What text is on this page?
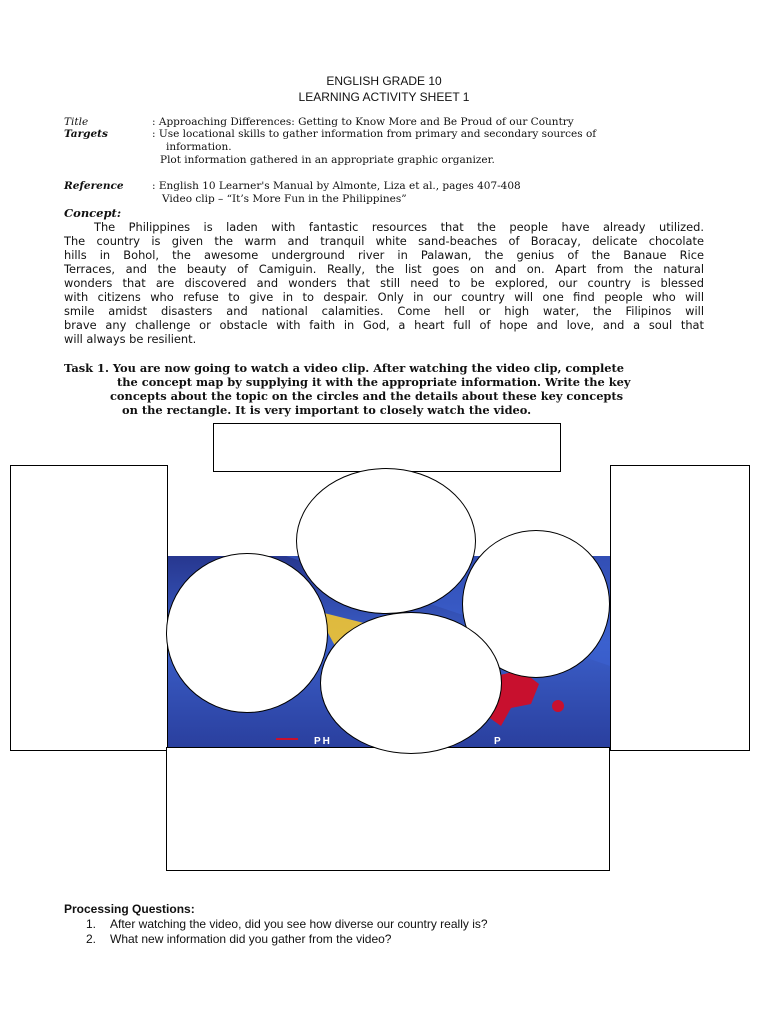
ENGLISH GRADE 10
LEARNING ACTIVITY SHEET 1
Title	: Approaching Differences: Getting to Know More and Be Proud of our Country
Targets	: Use locational skills to gather information from primary and secondary sources of
information.
Plot information gathered in an appropriate graphic organizer.
Reference	: English 10 Learner's Manual by Almonte, Liza et al., pages 407-408
Video clip – “It’s More Fun in the Philippines”
Concept:
The Philippines is laden with fantastic resources that the people have already utilized.
The country is given the warm and tranquil white sand-beaches of Boracay, delicate chocolate
hills in Bohol, the awesome underground river in Palawan, the genius of the Banaue Rice
Terraces, and the beauty of Camiguin. Really, the list goes on and on. Apart from the natural
wonders that are discovered and wonders that still need to be explored, our country is blessed
with citizens who refuse to give in to despair. Only in our country will one find people who will
smile amidst disasters and national calamities. Come hell or high water, the Filipinos will
brave any challenge or obstacle with faith in God, a heart full of hope and love, and a soul that
will always be resilient.
Task 1. You are now going to watch a video clip. After watching the video clip, complete
the concept map by supplying it with the appropriate information. Write the key
concepts about the topic on the circles and the details about these key concepts
on the rectangle. It is very important to closely watch the video.
PH	P
Processing Questions:
1. After watching the video, did you see how diverse our country really is?
2. What new information did you gather from the video?
